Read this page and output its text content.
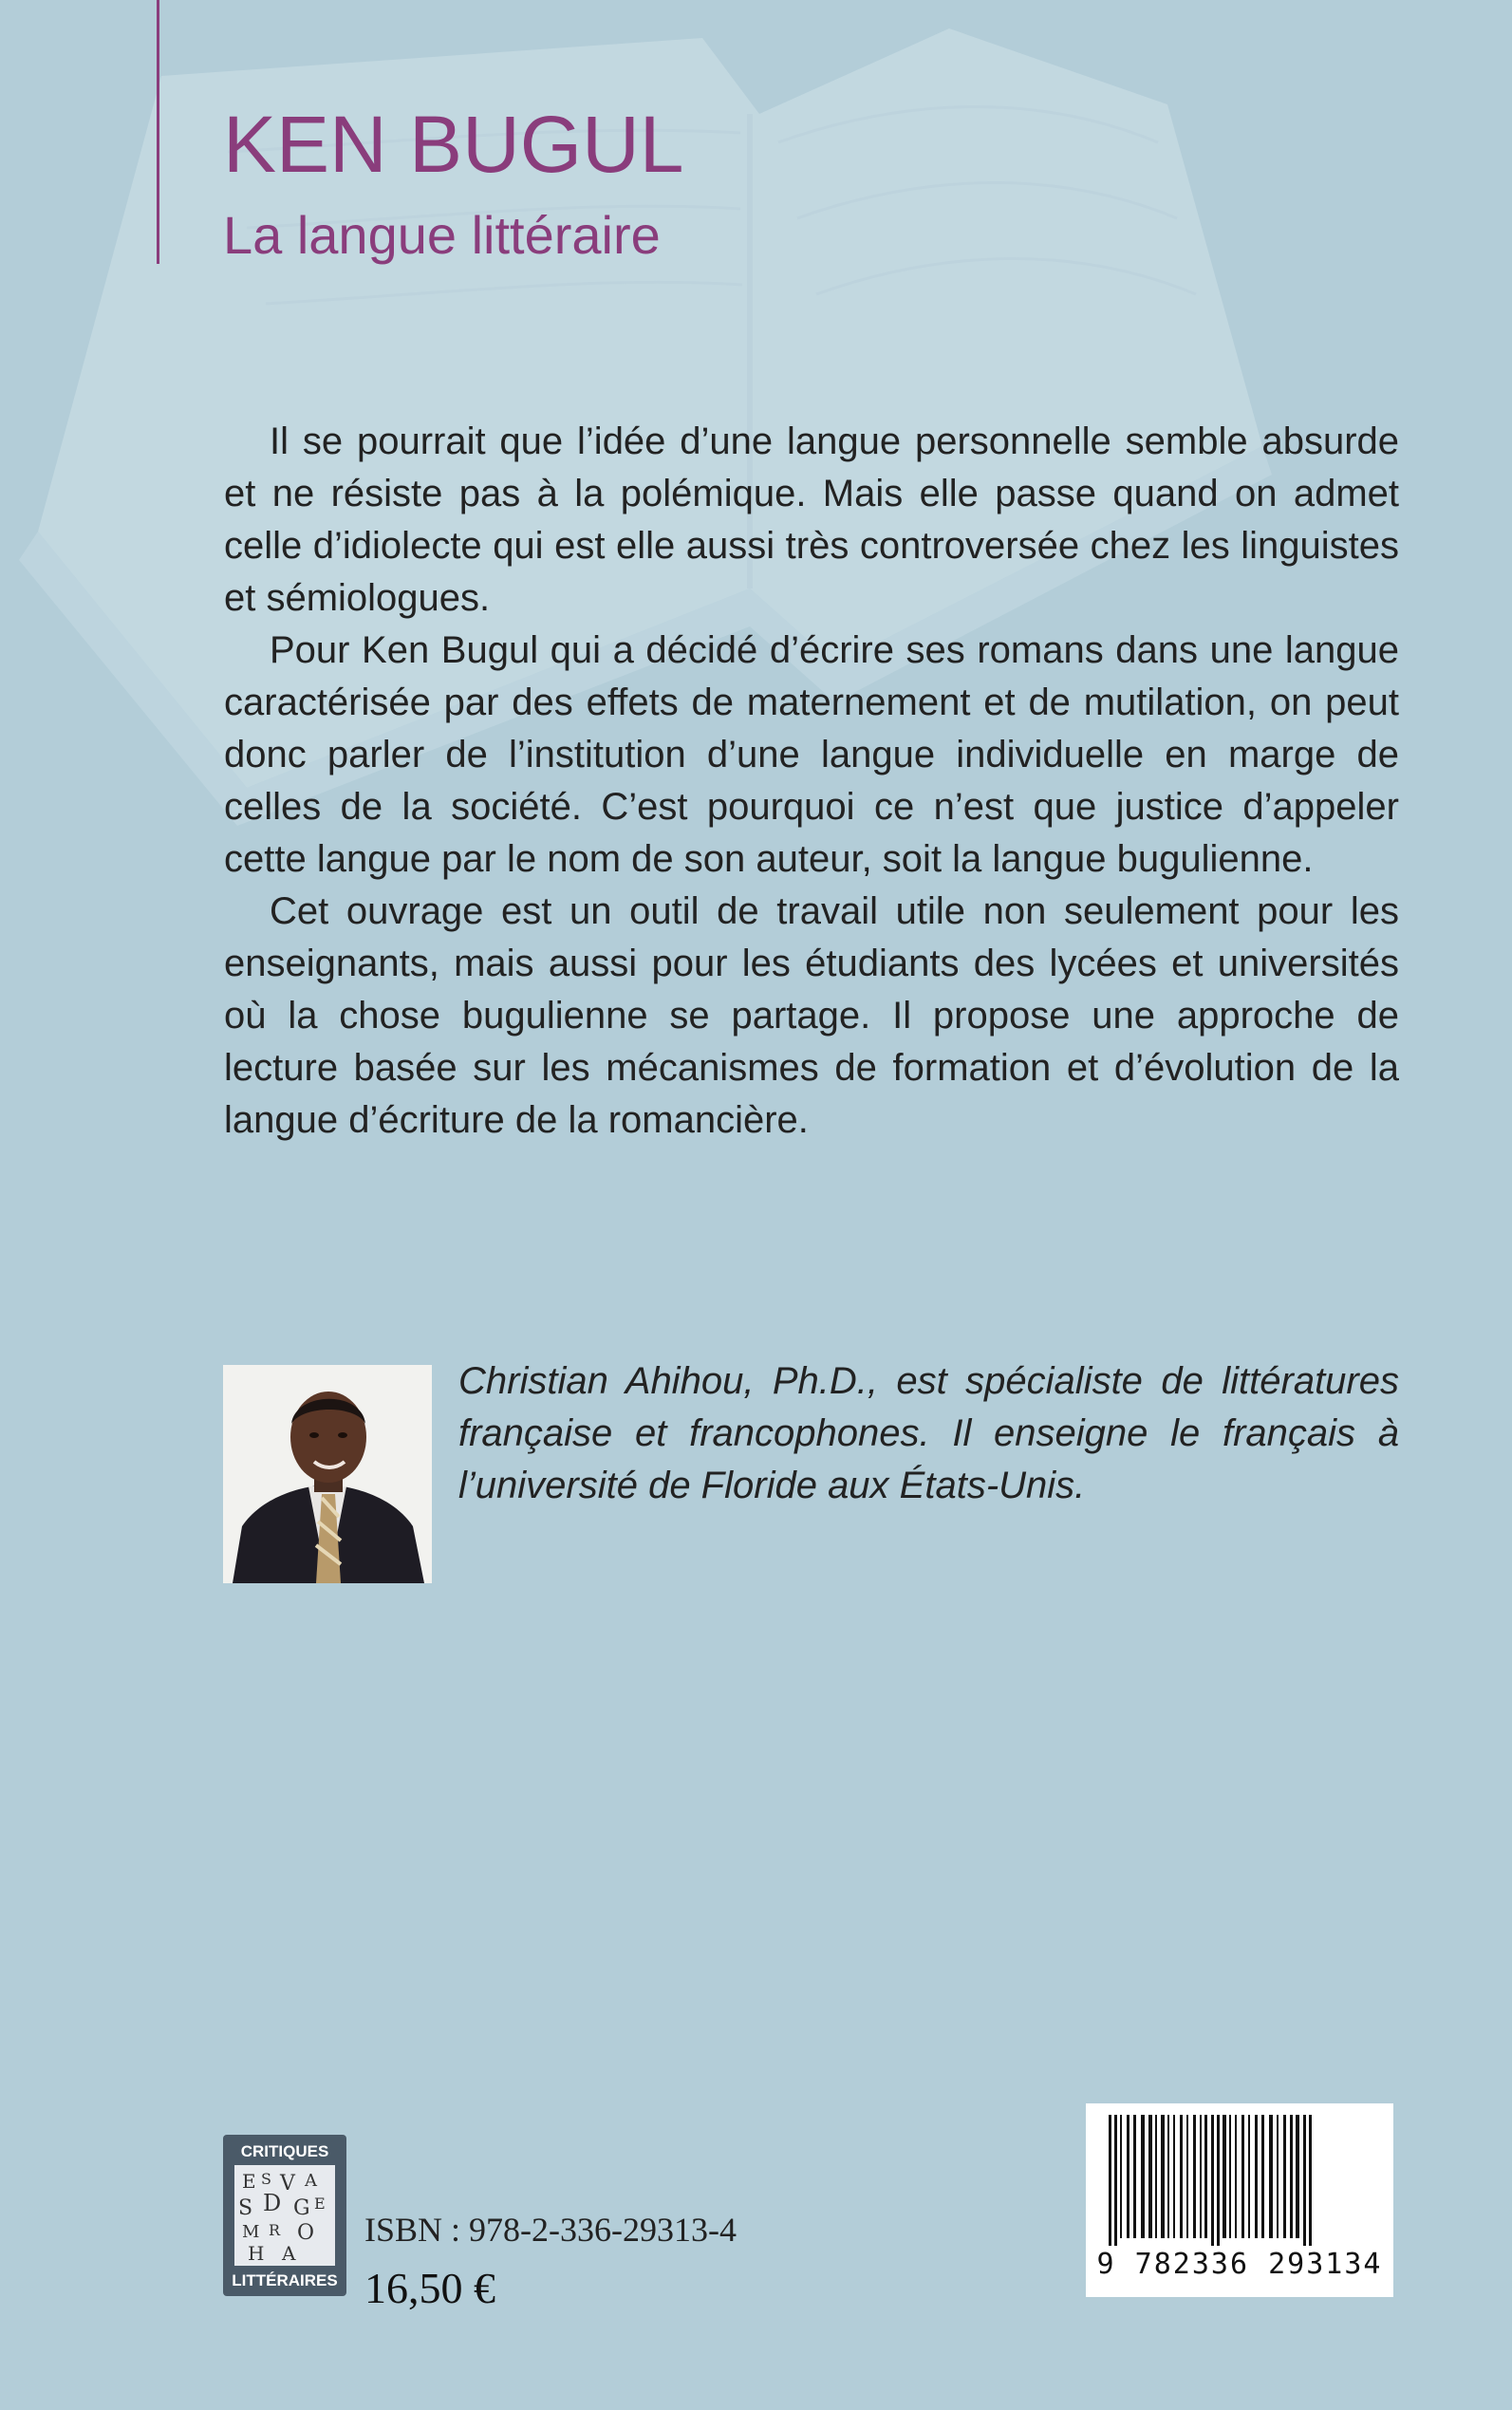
KEN BUGUL
La langue littéraire

Il se pourrait que l’idée d’une langue personnelle semble absurde et ne résiste pas à la polémique. Mais elle passe quand on admet celle d’idiolecte qui est elle aussi très controversée chez les linguistes et sémiologues.

Pour Ken Bugul qui a décidé d’écrire ses romans dans une langue caractérisée par des effets de maternement et de mutilation, on peut donc parler de l’institution d’une langue individuelle en marge de celles de la société. C’est pourquoi ce n’est que justice d’appeler cette langue par le nom de son auteur, soit la langue bugulienne.

Cet ouvrage est un outil de travail utile non seulement pour les enseignants, mais aussi pour les étudiants des lycées et universités où la chose bugulienne se partage. Il propose une approche de lecture basée sur les mécanismes de formation et d’évolution de la langue d’écriture de la romancière.

Christian Ahihou, Ph.D., est spécialiste de littératures française et francophones. Il enseigne le français à l’université de Floride aux États-Unis.

CRITIQUES
E S V A
S D G E
M R O
H A
LITTÉRAIRES

ISBN : 978-2-336-29313-4

16,50 €	9 782336 293134
